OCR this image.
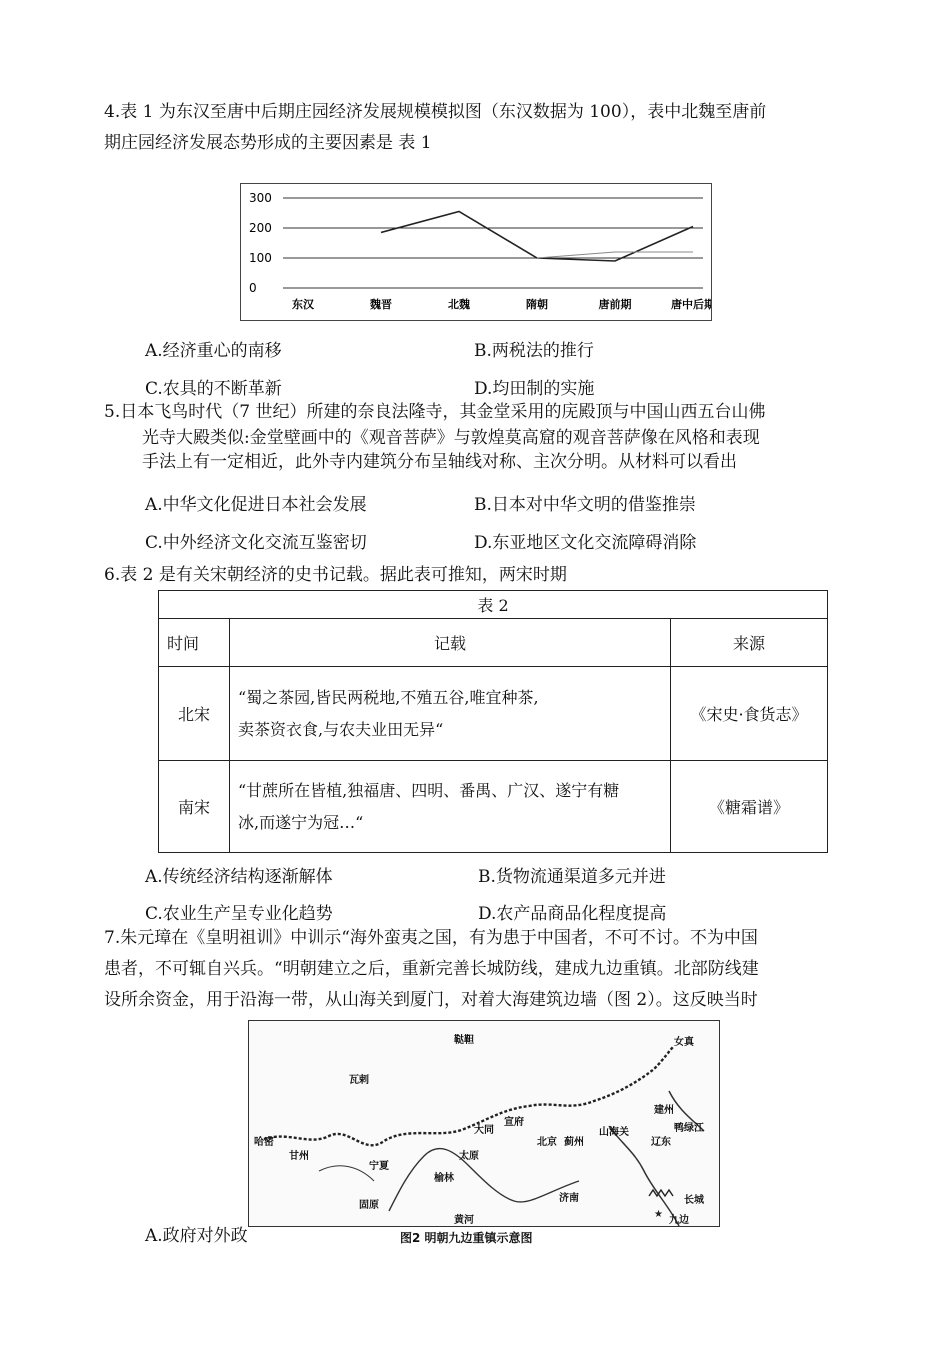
4.表 1 为东汉至唐中后期庄园经济发展规模模拟图（东汉数据为 100），表中北魏至唐前
期庄园经济发展态势形成的主要因素是 表 1
300
200
100
0
东汉	魏晋	北魏	隋朝	唐前期	唐中后期
A.经济重心的南移	B.两税法的推行
C.农具的不断革新	D.均田制的实施
5.日本飞鸟时代（7 世纪）所建的奈良法隆寺，其金堂采用的庑殿顶与中国山西五台山佛
光寺大殿类似:金堂壁画中的《观音菩萨》与敦煌莫高窟的观音菩萨像在风格和表现
手法上有一定相近，此外寺内建筑分布呈轴线对称、主次分明。从材料可以看出
A.中华文化促进日本社会发展	B.日本对中华文明的借鉴推崇
C.中外经济文化交流互鉴密切	D.东亚地区文化交流障碍消除
6.表 2 是有关宋朝经济的史书记载。据此表可推知，两宋时期
表 2		
时间	记载	来源
北宋	“蜀之茶园,皆民两税地,不殖五谷,唯宜种茶,
卖茶资衣食,与农夫业田无异“	《宋史·食货志》
南宋	“甘蔗所在皆植,独福唐、四明、番禺、广汉、遂宁有糖
冰,而遂宁为冠…“	《糖霜谱》
A.传统经济结构逐渐解体	B.货物流通渠道多元并进
C.农业生产呈专业化趋势	D.农产品商品化程度提高
7.朱元璋在《皇明祖训》中训示“海外蛮夷之国，有为患于中国者，不可不讨。不为中国
患者，不可辄自兴兵。“明朝建立之后，重新完善长城防线，建成九边重镇。北部防线建
设所余资金，用于沿海一带，从山海关到厦门，对着大海建筑边墙（图 2）。这反映当时
★
鞑靼
瓦剌
女真
哈密
甘州
宁夏
大同
宣府
北京 蓟州
山海关
辽东
建州
鸭绿江
榆林
太原
固原
济南
黄河
长城
九边
图2 明朝九边重镇示意图
A.政府对外政
